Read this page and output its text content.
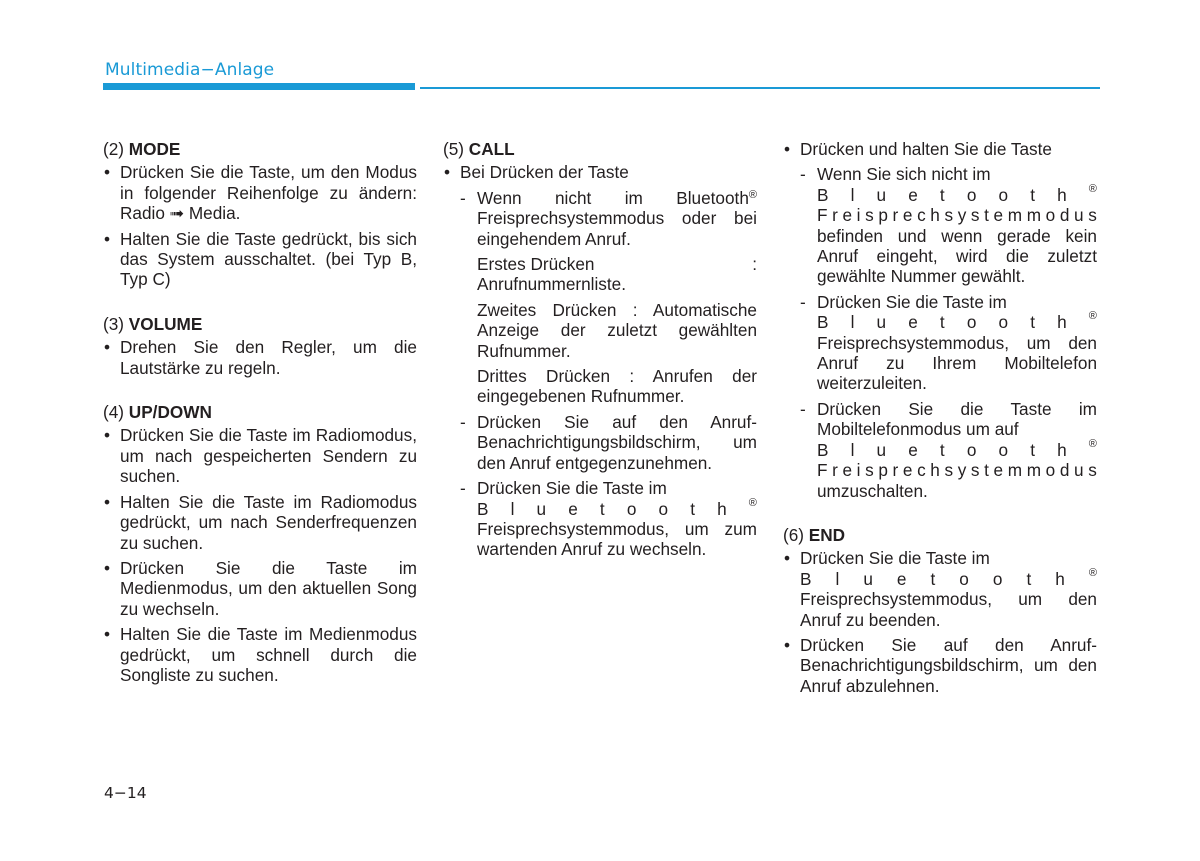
Multimedia−Anlage
(2) MODE
• Drücken Sie die Taste, um den Modus in folgender Reihenfolge zu ändern: Radio ➟ Media.
• Halten Sie die Taste gedrückt, bis sich das System ausschaltet. (bei Typ B, Typ C)
(3) VOLUME
• Drehen Sie den Regler, um die Lautstärke zu regeln.
(4) UP/DOWN
• Drücken Sie die Taste im Radiomodus, um nach gespeicherten Sendern zu suchen.
• Halten Sie die Taste im Radiomodus gedrückt, um nach Senderfrequenzen zu suchen.
• Drücken Sie die Taste im Medienmodus, um den aktuellen Song zu wechseln.
• Halten Sie die Taste im Medienmodus gedrückt, um schnell durch die Songliste zu suchen.
(5) CALL
• Bei Drücken der Taste
- Wenn nicht im Bluetooth®
Freisprechsystemmodus oder bei eingehendem Anruf.
Erstes Drücken	:
Anrufnummernliste.
Zweites Drücken : Automatische Anzeige der zuletzt gewählten Rufnummer.
Drittes Drücken : Anrufen der eingegebenen Rufnummer.
- Drücken Sie auf den Anruf-Benachrichtigungsbildschirm, um den Anruf entgegenzunehmen.
- Drücken Sie die Taste im
B l u e t o o t h ®
Freisprechsystemmodus, um zum wartenden Anruf zu wechseln.
• Drücken und halten Sie die Taste
- Wenn Sie sich nicht im
B l u e t o o t h ®
F r e i s p r e c h s y s t e m m o d u s
befinden und wenn gerade kein Anruf eingeht, wird die zuletzt gewählte Nummer gewählt.
- Drücken Sie die Taste im
B l u e t o o t h ®
Freisprechsystemmodus, um den Anruf zu Ihrem Mobiltelefon weiterzuleiten.
- Drücken Sie die Taste im Mobiltelefonmodus um auf
B l u e t o o t h ®
F r e i s p r e c h s y s t e m m o d u s
umzuschalten.
(6) END
• Drücken Sie die Taste im
B l u e t o o t h ®
Freisprechsystemmodus, um den Anruf zu beenden.
• Drücken Sie auf den Anruf-Benachrichtigungsbildschirm, um den Anruf abzulehnen.
4−14
